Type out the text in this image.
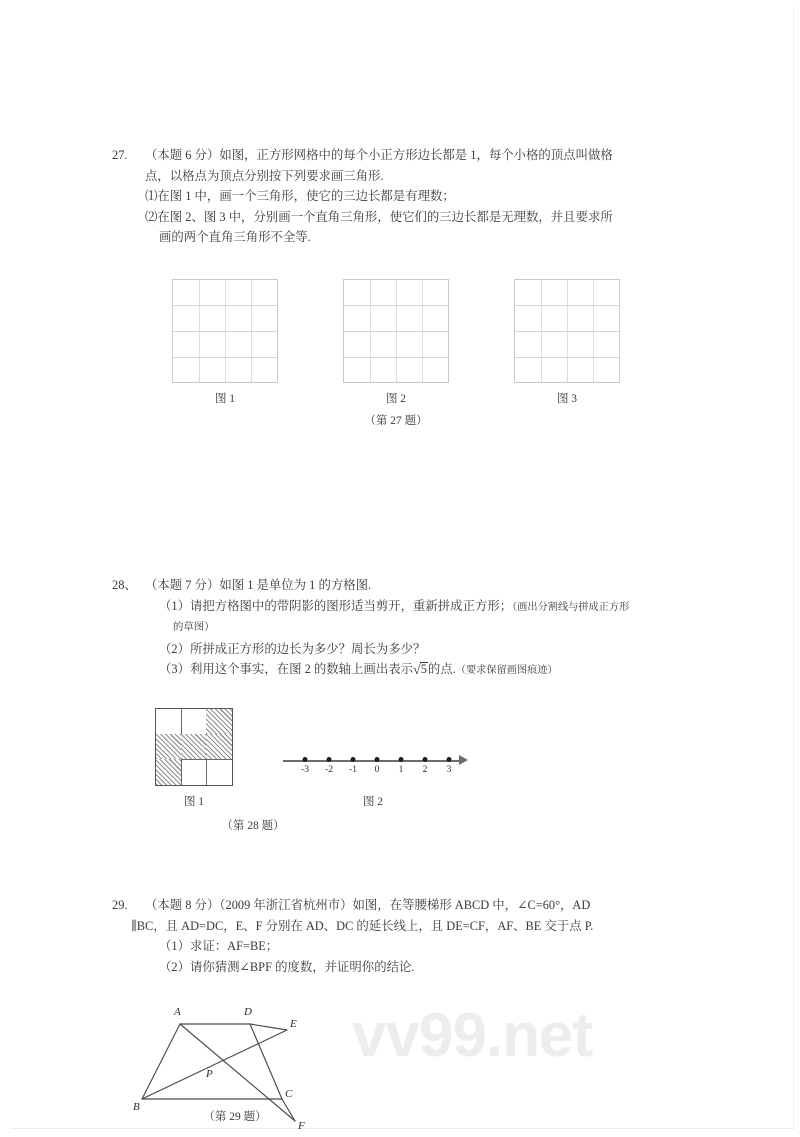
27. （本题 6 分）如图，正方形网格中的每个小正方形边长都是 1，每个小格的顶点叫做格
点，以格点为顶点分别按下列要求画三角形.
⑴在图 1 中，画一个三角形，使它的三边长都是有理数；
⑵在图 2、图 3 中，分别画一个直角三角形，使它们的三边长都是无理数，并且要求所
画的两个直角三角形不全等.
图 1	图 2	图 3
（第 27 题）
28、 （本题 7 分）如图 1 是单位为 1 的方格图.
（1）请把方格图中的带阴影的图形适当剪开，重新拼成正方形；（画出分割线与拼成正方形
的草图）
（2）所拼成正方形的边长为多少？周长为多少？
（3）利用这个事实，在图 2 的数轴上画出表示√5的点.（要求保留画图痕迹）
图 1
-3 -2 -1 0 1 2 3
图 2
（第 28 题）
29. （本题 8 分）（2009 年浙江省杭州市）如图，在等腰梯形 ABCD 中，∠C=60°，AD
∥BC，且 AD=DC，E、F 分别在 AD、DC 的延长线上，且 DE=CF，AF、BE 交于点 P.
（1）求证：AF=BE；
（2）请你猜测∠BPF 的度数，并证明你的结论.
A	D
E
B
C
F
P
（第 29 题）
vv99.net
